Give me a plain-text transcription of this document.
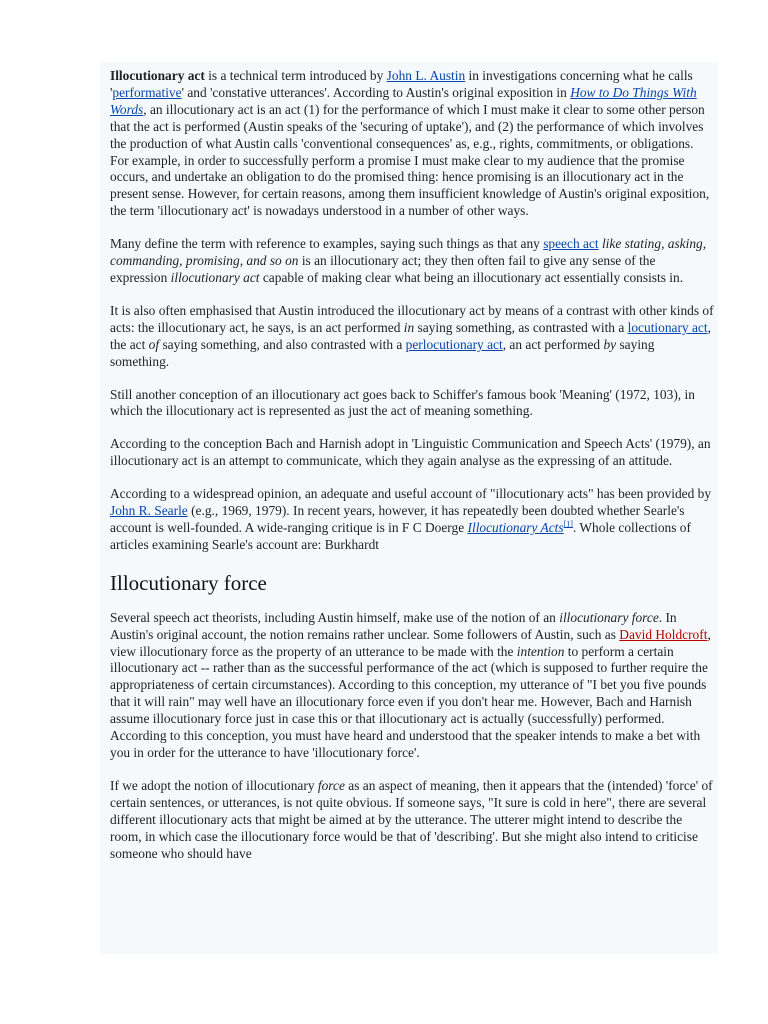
Illocutionary act is a technical term introduced by John L. Austin in investigations concerning what he calls 'performative' and 'constative utterances'. According to Austin's original exposition in How to Do Things With Words, an illocutionary act is an act (1) for the performance of which I must make it clear to some other person that the act is performed (Austin speaks of the 'securing of uptake'), and (2) the performance of which involves the production of what Austin calls 'conventional consequences' as, e.g., rights, commitments, or obligations. For example, in order to successfully perform a promise I must make clear to my audience that the promise occurs, and undertake an obligation to do the promised thing: hence promising is an illocutionary act in the present sense. However, for certain reasons, among them insufficient knowledge of Austin's original exposition, the term 'illocutionary act' is nowadays understood in a number of other ways.

Many define the term with reference to examples, saying such things as that any speech act like stating, asking, commanding, promising, and so on is an illocutionary act; they then often fail to give any sense of the expression illocutionary act capable of making clear what being an illocutionary act essentially consists in.

It is also often emphasised that Austin introduced the illocutionary act by means of a contrast with other kinds of acts: the illocutionary act, he says, is an act performed in saying something, as contrasted with a locutionary act, the act of saying something, and also contrasted with a perlocutionary act, an act performed by saying something.

Still another conception of an illocutionary act goes back to Schiffer's famous book 'Meaning' (1972, 103), in which the illocutionary act is represented as just the act of meaning something.

According to the conception Bach and Harnish adopt in 'Linguistic Communication and Speech Acts' (1979), an illocutionary act is an attempt to communicate, which they again analyse as the expressing of an attitude.

According to a widespread opinion, an adequate and useful account of "illocutionary acts" has been provided by John R. Searle (e.g., 1969, 1979). In recent years, however, it has repeatedly been doubted whether Searle's account is well-founded. A wide-ranging critique is in F C Doerge Illocutionary Acts[1]. Whole collections of articles examining Searle's account are: Burkhardt

Illocutionary force

Several speech act theorists, including Austin himself, make use of the notion of an illocutionary force. In Austin's original account, the notion remains rather unclear. Some followers of Austin, such as David Holdcroft, view illocutionary force as the property of an utterance to be made with the intention to perform a certain illocutionary act -- rather than as the successful performance of the act (which is supposed to further require the appropriateness of certain circumstances). According to this conception, my utterance of "I bet you five pounds that it will rain" may well have an illocutionary force even if you don't hear me. However, Bach and Harnish assume illocutionary force just in case this or that illocutionary act is actually (successfully) performed. According to this conception, you must have heard and understood that the speaker intends to make a bet with you in order for the utterance to have 'illocutionary force'.

If we adopt the notion of illocutionary force as an aspect of meaning, then it appears that the (intended) 'force' of certain sentences, or utterances, is not quite obvious. If someone says, "It sure is cold in here", there are several different illocutionary acts that might be aimed at by the utterance. The utterer might intend to describe the room, in which case the illocutionary force would be that of 'describing'. But she might also intend to criticise someone who should have
